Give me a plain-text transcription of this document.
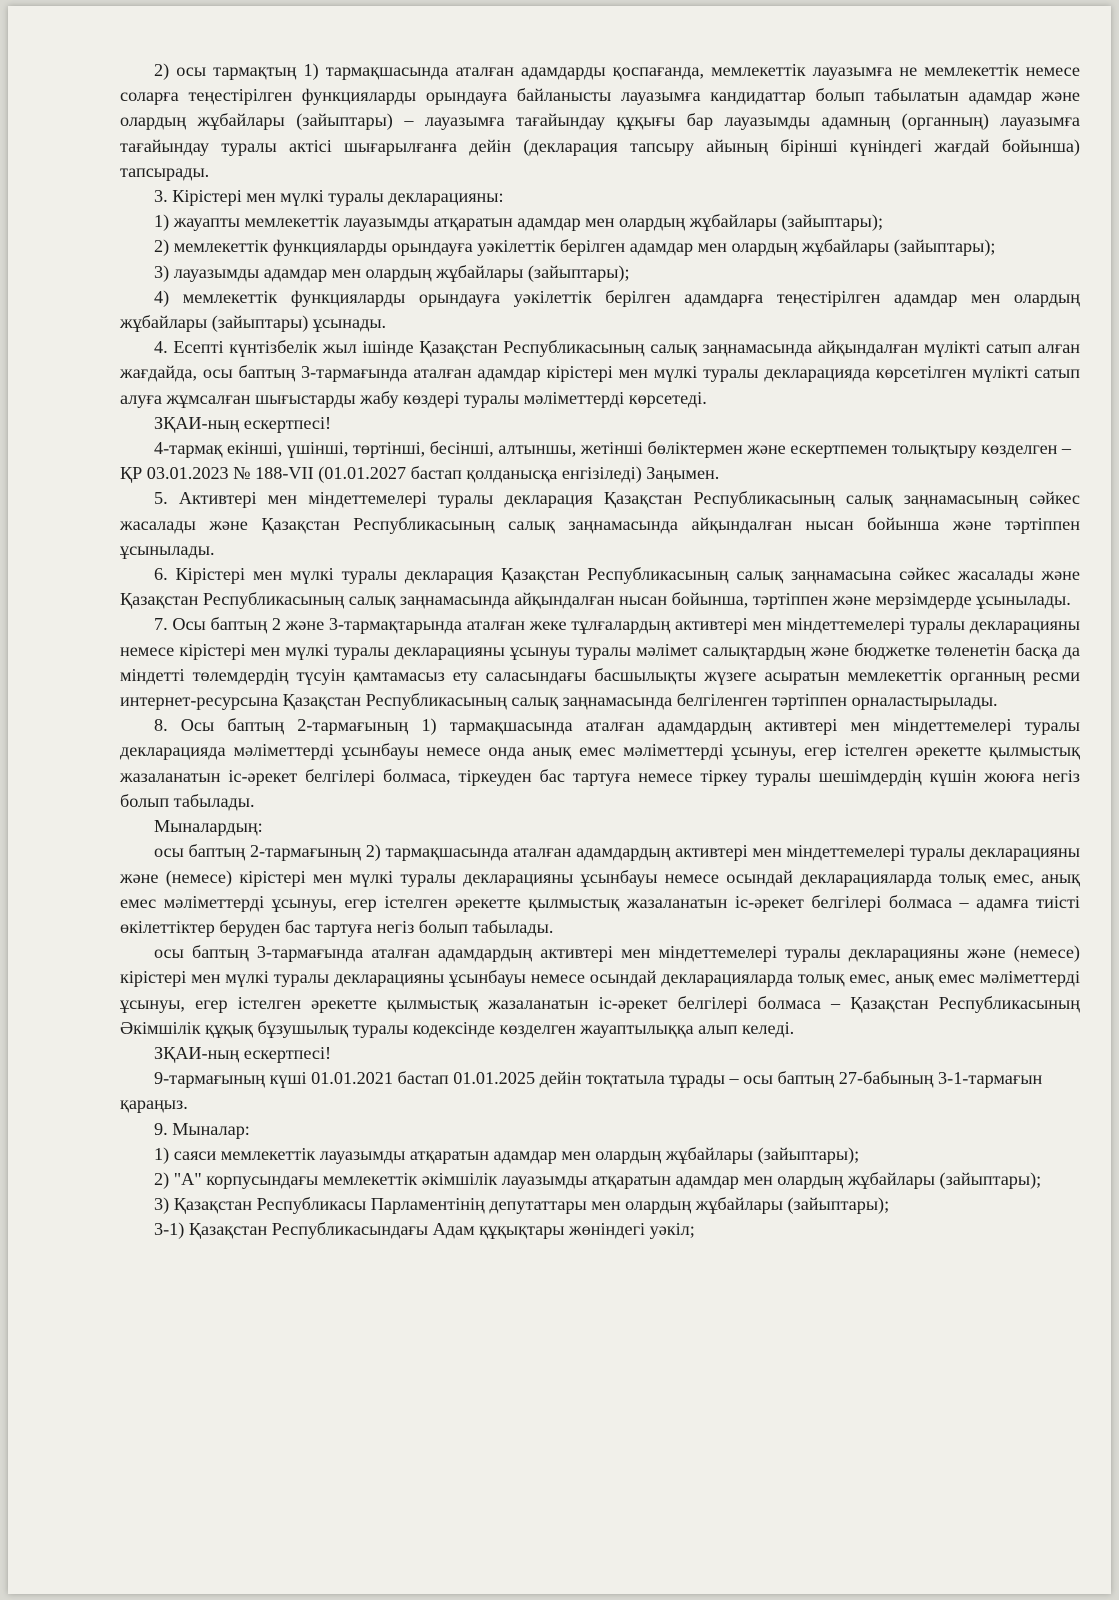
2) осы тармақтың 1) тармақшасында аталған адамдарды қоспағанда, мемлекеттік лауазымға не мемлекеттік немесе соларға теңестірілген функцияларды орындауға байланысты лауазымға кандидаттар болып табылатын адамдар және олардың жұбайлары (зайыптары) – лауазымға тағайындау құқығы бар лауазымды адамның (органның) лауазымға тағайындау туралы актісі шығарылғанға дейін (декларация тапсыру айының бірінші күніндегі жағдай бойынша) тапсырады.

3. Кірістері мен мүлкі туралы декларацияны:

1) жауапты мемлекеттік лауазымды атқаратын адамдар мен олардың жұбайлары (зайыптары);

2) мемлекеттік функцияларды орындауға уәкілеттік берілген адамдар мен олардың жұбайлары (зайыптары);

3) лауазымды адамдар мен олардың жұбайлары (зайыптары);

4) мемлекеттік функцияларды орындауға уәкілеттік берілген адамдарға теңестірілген адамдар мен олардың жұбайлары (зайыптары) ұсынады.

4. Есепті күнтізбелік жыл ішінде Қазақстан Республикасының салық заңнамасында айқындалған мүлікті сатып алған жағдайда, осы баптың 3-тармағында аталған адамдар кірістері мен мүлкі туралы декларацияда көрсетілген мүлікті сатып алуға жұмсалған шығыстарды жабу көздері туралы мәліметтерді көрсетеді.

ЗҚАИ-ның ескертпесі!

4-тармақ екінші, үшінші, төртінші, бесінші, алтыншы, жетінші бөліктермен және ескертпемен толықтыру көзделген – ҚР 03.01.2023 № 188-VII (01.01.2027 бастап қолданысқа енгізіледі) Заңымен.

5. Активтері мен міндеттемелері туралы декларация Қазақстан Республикасының салық заңнамасының сәйкес жасалады және Қазақстан Республикасының салық заңнамасында айқындалған нысан бойынша және тәртіппен ұсынылады.

6. Кірістері мен мүлкі туралы декларация Қазақстан Республикасының салық заңнамасына сәйкес жасалады және Қазақстан Республикасының салық заңнамасында айқындалған нысан бойынша, тәртіппен және мерзімдерде ұсынылады.

7. Осы баптың 2 және 3-тармақтарында аталған жеке тұлғалардың активтері мен міндеттемелері туралы декларацияны немесе кірістері мен мүлкі туралы декларацияны ұсынуы туралы мәлімет салықтардың және бюджетке төленетін басқа да міндетті төлемдердің түсуін қамтамасыз ету саласындағы басшылықты жүзеге асыратын мемлекеттік органның ресми интернет-ресурсына Қазақстан Республикасының салық заңнамасында белгіленген тәртіппен орналастырылады.

8. Осы баптың 2-тармағының 1) тармақшасында аталған адамдардың активтері мен міндеттемелері туралы декларацияда мәліметтерді ұсынбауы немесе онда анық емес мәліметтерді ұсынуы, егер істелген әрекетте қылмыстық жазаланатын іс-әрекет белгілері болмаса, тіркеуден бас тартуға немесе тіркеу туралы шешімдердің күшін жоюға негіз болып табылады.

Мыналардың:

осы баптың 2-тармағының 2) тармақшасында аталған адамдардың активтері мен міндеттемелері туралы декларацияны және (немесе) кірістері мен мүлкі туралы декларацияны ұсынбауы немесе осындай декларацияларда толық емес, анық емес мәліметтерді ұсынуы, егер істелген әрекетте қылмыстық жазаланатын іс-әрекет белгілері болмаса – адамға тиісті өкілеттіктер беруден бас тартуға негіз болып табылады.

осы баптың 3-тармағында аталған адамдардың активтері мен міндеттемелері туралы декларацияны және (немесе) кірістері мен мүлкі туралы декларацияны ұсынбауы немесе осындай декларацияларда толық емес, анық емес мәліметтерді ұсынуы, егер істелген әрекетте қылмыстық жазаланатын іс-әрекет белгілері болмаса – Қазақстан Республикасының Әкімшілік құқық бұзушылық туралы кодексінде көзделген жауаптылыққа алып келеді.

ЗҚАИ-ның ескертпесі!

9-тармағының күші 01.01.2021 бастап 01.01.2025 дейін тоқтатыла тұрады – осы баптың 27-бабының 3-1-тармағын қараңыз.

9. Мыналар:

1) саяси мемлекеттік лауазымды атқаратын адамдар мен олардың жұбайлары (зайыптары);

2) "А" корпусындағы мемлекеттік әкімшілік лауазымды атқаратын адамдар мен олардың жұбайлары (зайыптары);

3) Қазақстан Республикасы Парламентінің депутаттары мен олардың жұбайлары (зайыптары);

3-1) Қазақстан Республикасындағы Адам құқықтары жөніндегі уәкіл;
